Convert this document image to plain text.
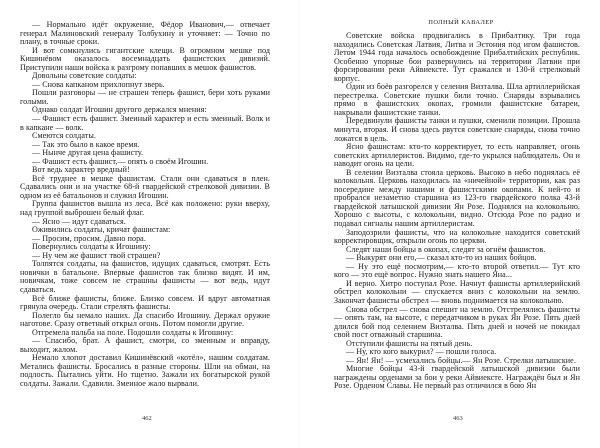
— Нормально идёт окружение, Фёдор Иванович,— отвечает генерал Малиновский генералу Толбухину и уточняет: — Точно по плану, в точные сроки.

И вот сомкнулись гигантские клещи. В огромном мешке под Кишинёвом оказалось восемнадцать фашистских дивизий. Приступили наши войска к разгрому попавших в мешок фашистов.

Довольны советские солдаты:

— Снова капканом прихлопнут зверь.

Пошли разговоры — не страшен теперь фашист, бери хоть руками голыми.

Однако солдат Игошин другого держался мнения:

— Фашист есть фашист. Змеиный характер и есть змеиный. Волк и в капкане — волк.

Смеются солдаты.

— Так это было в какое время.

— Нынче другая цена фашисту.

— Фашист есть фашист,— опять о своём Игошин.

Вот ведь характер вредный!

Всё труднее в мешке фашистам. Стали они сдаваться в плен. Сдавались они и на участке 68-й гвардейской стрелковой дивизии. В одном из её батальонов и служил Игошин.

Группа фашистов вышла из леса. Всё как положено: руки вверху, над группой выброшен белый флаг.

— Ясно — идут сдаваться.

Оживились солдаты, кричат фашистам:

— Просим, просим. Давно пора.

Повернулись солдаты к Игошину:

— Ну чем же фашист твой страшен?

Толпятся солдаты, на фашистов, идущих сдаваться, смотрят. Есть новички в батальоне. Впервые фашистов так близко видят. И им, новичкам, тоже совсем не страшны фашисты — вот ведь, идут сдаваться.

Всё ближе фашисты, ближе. Близко совсем. И вдруг автоматная грянула очередь. Стали стрелять фашисты.

Полегло бы немало наших. Да спасибо Игошину. Держал оружие наготове. Сразу ответный открыл огонь. Потом помогли другие.

Отгремела пальба на поле. Подошли солдаты к Игошину:

— Спасибо, брат. А фашист, смотри, со змеиным и вправду, выходит, жалом.

Немало хлопот доставил Кишинёвский «котёл», нашим солдатам. Метались фашисты. Бросались в разные стороны. Шли на обман, на подлость. Пытались уйти. Но тщетно. Зажали их богатырской рукой солдаты. Зажали. Сдавили. Змеиное жало вырвали.

462
ПОЛНЫЙ КАВАЛЕР

Советские войска продвигались в Прибалтику. Три года находились Советская Латвия, Литва и Эстония под игом фашистов. Летом 1944 года началось освобождение Прибалтийских республик. Особенно упорные бои развернулись на территории Латвии при форсировании реки Айвиексте. Тут сражался и 130-й стрелковый корпус.

Один из боёв разгорелся у селения Визталва. Шла артиллерийская перестрелка. Советские пушки били точно. Снаряды взрывались прямо в фашистских окопах, громили фашистские батареи, накрывали фашистские танки.

Передвинули фашисты танки и пушки, сменили позиции. Прошла минута, вторая. И снова здесь рвутся советские снаряды, снова точно ложатся в цель.

Ясно фашистам: кто-то корректирует, то есть направляет, огонь советских артиллеристов. Видимо, где-то укрылся наблюдатель. Он и наводит огонь на цели.

В селении Визталва стояла церковь. Высоко в небо поднялась её колокольня. Церковь находилась на «ничейной» территории, как раз посередине между нашими и фашистскими окопами. К ней-то и пробрался незаметно старшина из 123-го гвардейского полка 43-й гвардейской латышской дивизии Ян Розе. Поднялся на колокольню. Хорошо с высоты, с колокольни, видно. Отсюда Розе по радио и подавал сигналы нашим артиллеристам.

Заподозрили фашисты, что на колокольне находится советский корректировщик, открыли огонь по церкви.

Следят наши бойцы в окопах, следят за огнём фашистов.

— Выкурят они его,— сказал кто-то из наших бойцов.

— Ну это ещё посмотрим,— кто-то второй ответил.— Тут кто кого — это ещё вопрос. Нужно знать нашего Яна...

И верно. Хитро поступал Розе. Начнут фашисты артиллерийский обстрел колокольни — спускается вниз с колокольни на землю. Закончат фашисты обстрел — вновь поднимается на колокольню.

Снова обстрел — снова спешит на землю. Отстрелялись фашисты — опять там, на высоте, с передатчиком в руках Ян Розе. Пять дней длился бой под селением Визталва. Пять дней и ночей не покидал свой пост отважный старшина.

Отступили фашисты на пятый день.

— Ну, кто кого выкурил? — пошли голоса.

— Ян! Ян! — усмехались бойцы.— Ян Розе. Стрелки латышские.

Многие бойцы 43-й гвардейской латышской дивизии были награждены орденами за бои у реки Айвиексте. Награждён был и Ян Розе. Орденом Славы. Не первый раз отличился в бою Ян

463
